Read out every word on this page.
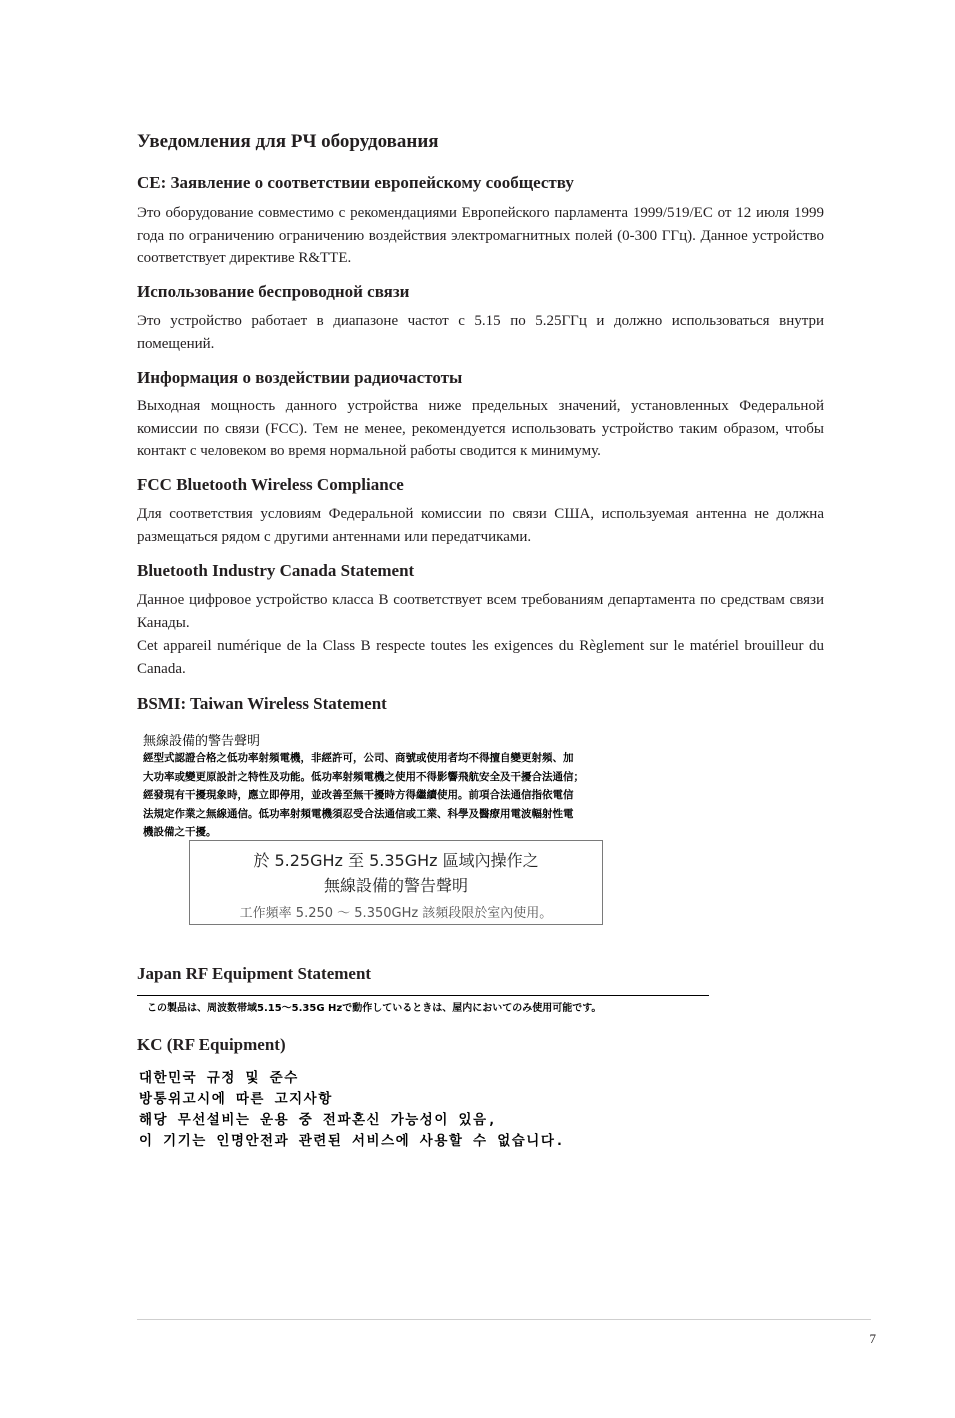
Уведомления для РЧ оборудования
CE: Заявление о соответствии европейскому сообществу

Это оборудование совместимо с рекомендациями Европейского парламента 1999/519/EC от 12 июля 1999 года по ограничению ограничению воздействия электромагнитных полей (0-300 ГГц). Данное устройство соответствует директиве R&TTE.

Использование беспроводной связи

Это устройство работает в диапазоне частот с 5.15 по 5.25ГГц и должно использоваться внутри помещений.

Информация о воздействии радиочастоты

Выходная мощность данного устройства ниже предельных значений, установленных Федеральной комиссии по связи (FCC). Тем не менее, рекомендуется использовать устройство таким образом, чтобы контакт с человеком во время нормальной работы сводится к минимуму.

FCC Bluetooth Wireless Compliance

Для соответствия условиям Федеральной комиссии по связи США, используемая антенна не должна размещаться рядом с другими антеннами или передатчиками.

Bluetooth Industry Canada Statement

Данное цифровое устройство класса B соответствует всем требованиям департамента по средствам связи Канады.

Cet appareil numérique de la Class B respecte toutes les exigences du Règlement sur le matériel brouilleur du Canada.

BSMI: Taiwan Wireless Statement
無線設備的警告聲明
經型式認證合格之低功率射頻電機，非經許可，公司、商號或使用者均不得擅自變更射頻、加
大功率或變更原設計之特性及功能。低功率射頻電機之使用不得影響飛航安全及干擾合法通信；
經發現有干擾現象時，應立即停用，並改善至無干擾時方得繼續使用。前項合法通信指依電信
法規定作業之無線通信。低功率射頻電機須忍受合法通信或工業、科學及醫療用電波輻射性電
機設備之干擾。
於 5.25GHz 至 5.35GHz 區域內操作之
無線設備的警告聲明
工作頻率 5.250 ～ 5.350GHz 該頻段限於室內使用。
Japan RF Equipment Statement
この製品は、周波数帯域5.15～5.35G Hzで動作しているときは、屋内においてのみ使用可能です。
KC (RF Equipment)
대한민국 규정 및 준수
방통위고시에 따른 고지사항
해당 무선설비는 운용 중 전파혼신 가능성이 있음,
이 기기는 인명안전과 관련된 서비스에 사용할 수 없습니다.
7
